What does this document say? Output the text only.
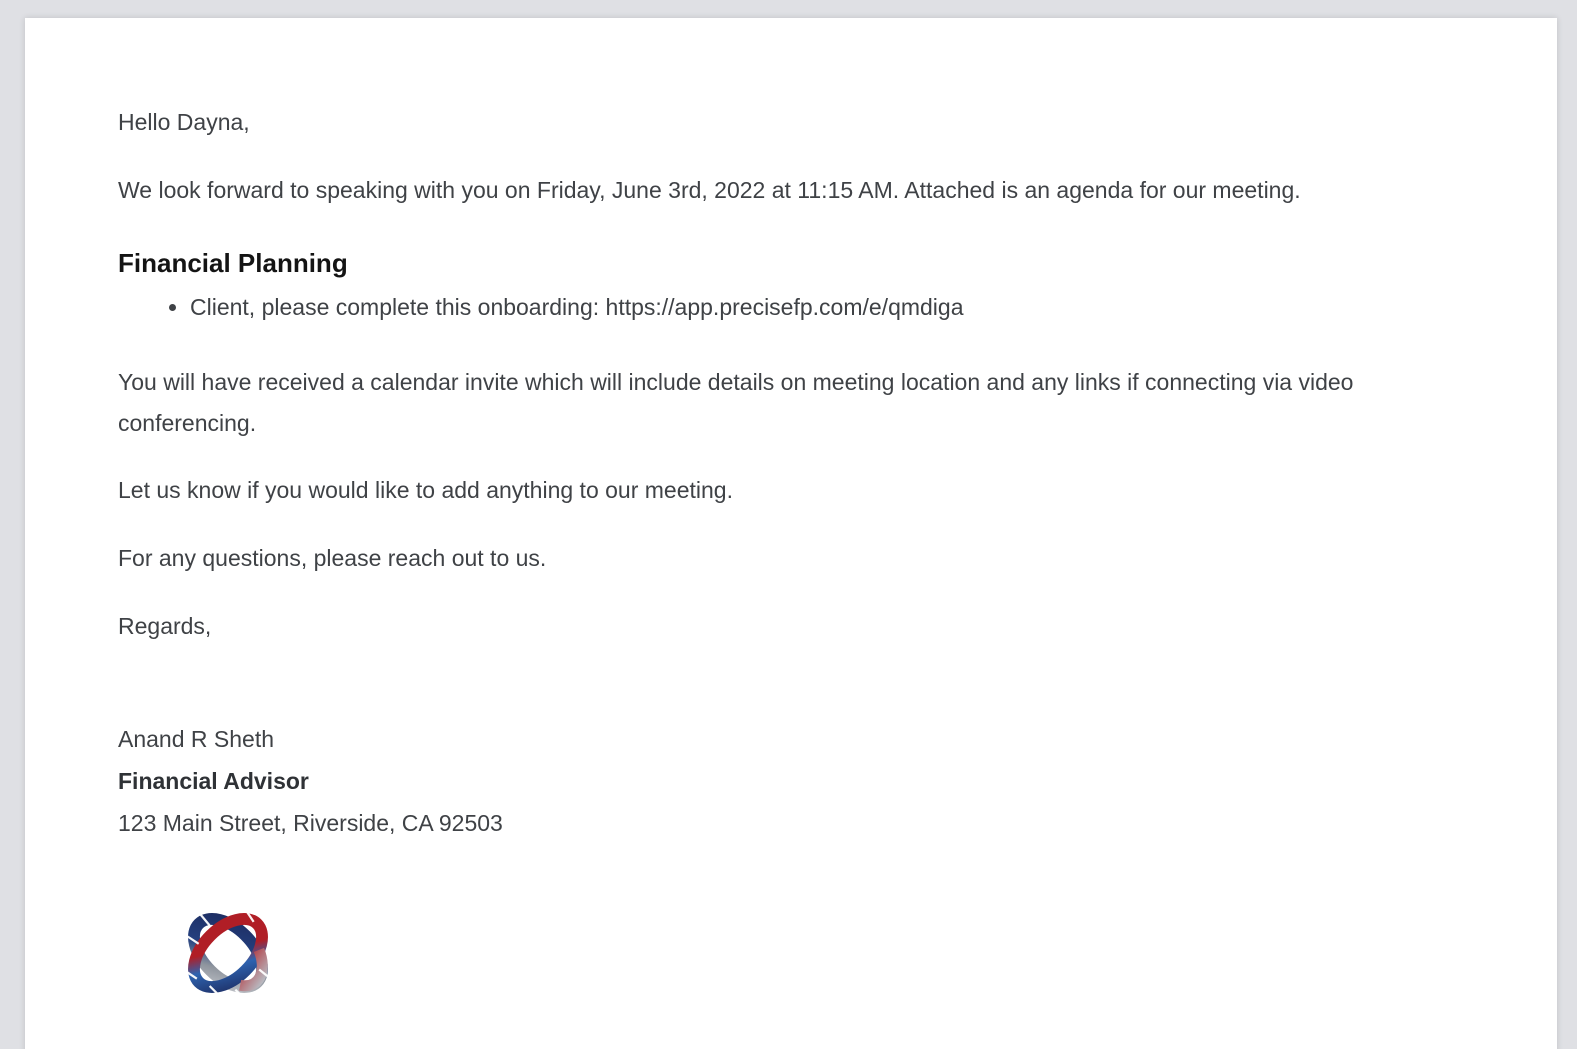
Hello Dayna,

We look forward to speaking with you on Friday, June 3rd, 2022 at 11:15 AM. Attached is an agenda for our meeting.

Financial Planning
• Client, please complete this onboarding: https://app.precisefp.com/e/qmdiga

You will have received a calendar invite which will include details on meeting location and any links if connecting via video conferencing.

Let us know if you would like to add anything to our meeting.

For any questions, please reach out to us.

Regards,

Anand R Sheth

Financial Advisor

123 Main Street, Riverside, CA 92503
